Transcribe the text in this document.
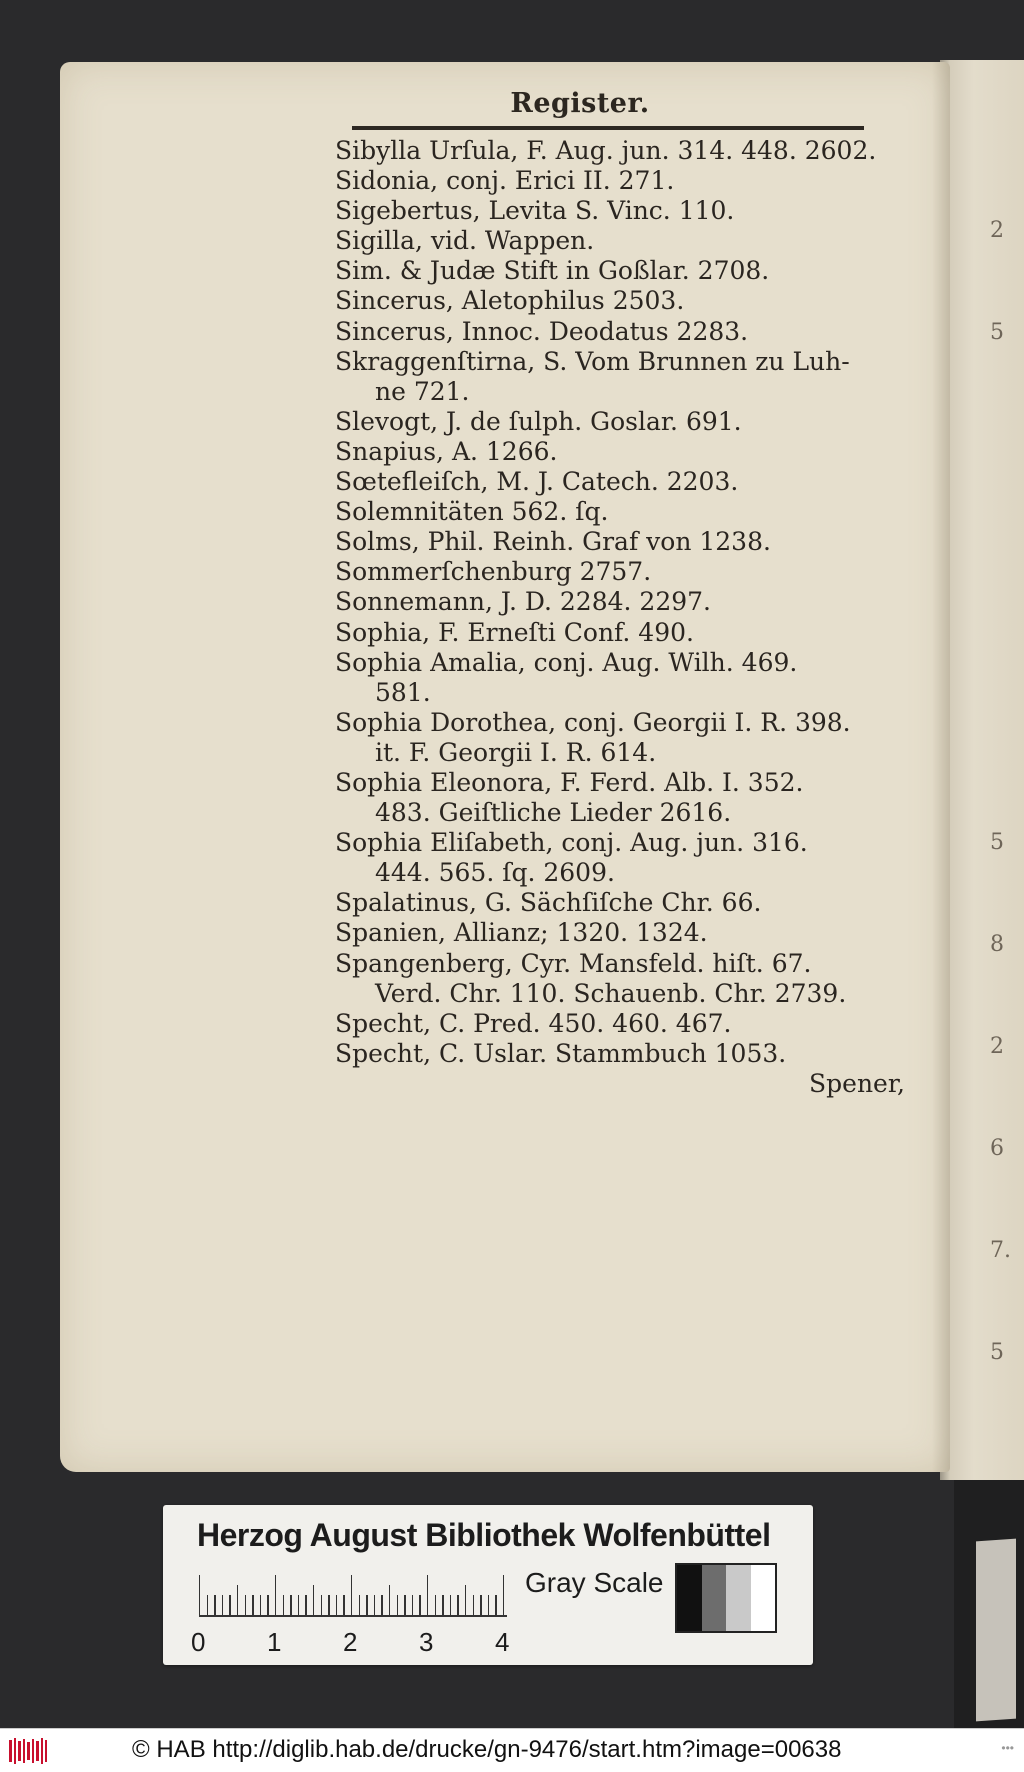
2
5

5
8
2
6
7.
5
Register.
Sibylla Urſula, F. Aug. jun. 314. 448. 2602.
Sidonia, conj. Erici II. 271.
Sigebertus, Levita S. Vinc. 110.
Sigilla, vid. Wappen.
Sim. & Judæ Stift in Goßlar. 2708.
Sincerus, Aletophilus 2503.
Sincerus, Innoc. Deodatus 2283.
Skraggenſtirna, S. Vom Brunnen zu Luh-
ne 721.
Slevogt, J. de ſulph. Goslar. 691.
Snapius, A. 1266.
Sœtefleiſch, M. J. Catech. 2203.
Solemnitäten 562. ſq.
Solms, Phil. Reinh. Graf von 1238.
Sommerſchenburg 2757.
Sonnemann, J. D. 2284. 2297.
Sophia, F. Erneſti Conf. 490.
Sophia Amalia, conj. Aug. Wilh. 469.
581.
Sophia Dorothea, conj. Georgii I. R. 398.
it. F. Georgii I. R. 614.
Sophia Eleonora, F. Ferd. Alb. I. 352.
483. Geiſtliche Lieder 2616.
Sophia Eliſabeth, conj. Aug. jun. 316.
444. 565. ſq. 2609.
Spalatinus, G. Sächſiſche Chr. 66.
Spanien, Allianz; 1320. 1324.
Spangenberg, Cyr. Mansfeld. hiſt. 67.
Verd. Chr. 110. Schauenb. Chr. 2739.
Specht, C. Pred. 450. 460. 467.
Specht, C. Uslar. Stammbuch 1053.
Spener,
Herzog August Bibliothek Wolfenbüttel
Gray Scale
0 1 2 3 4
© HAB http://diglib.hab.de/drucke/gn-9476/start.htm?image=00638	•••
